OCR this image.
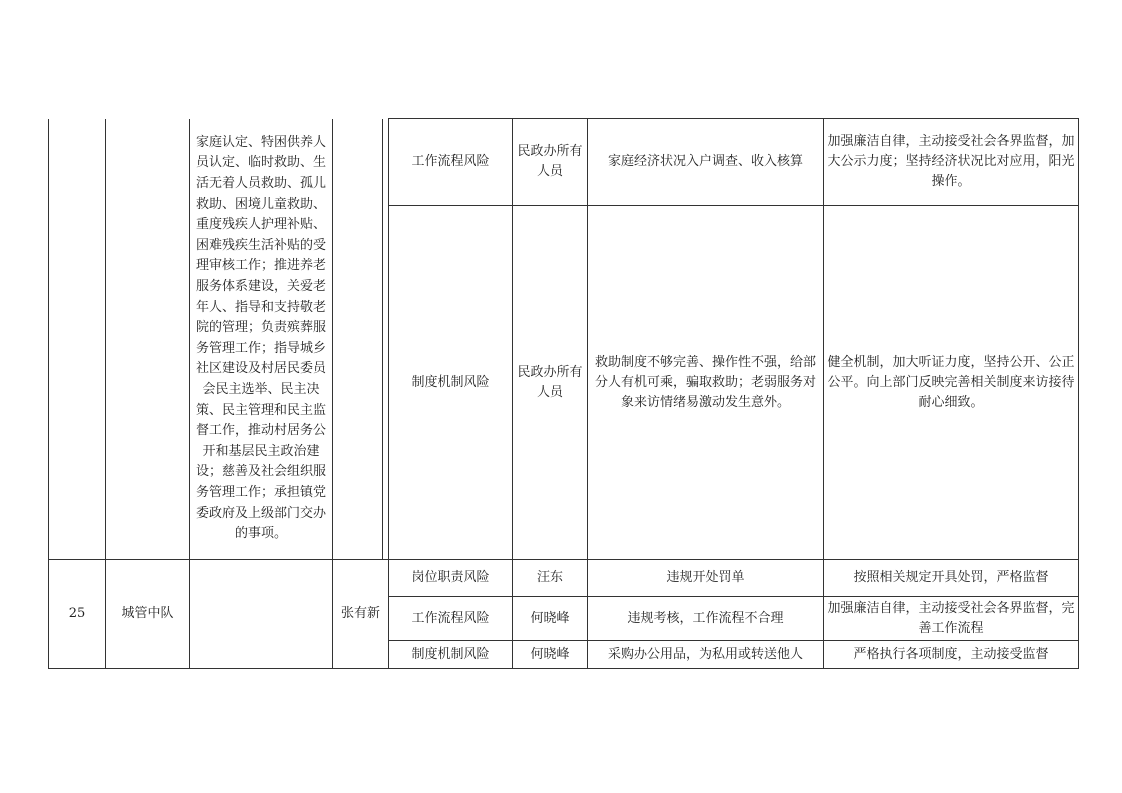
		家庭认定、特困供养人员认定、临时救助、生活无着人员救助、孤儿救助、困境儿童救助、重度残疾人护理补贴、困难残疾生活补贴的受理审核工作；推进养老服务体系建设，关爱老年人、指导和支持敬老院的管理；负责殡葬服务管理工作；指导城乡社区建设及村居民委员会民主选举、民主决策、民主管理和民主监督工作，推动村居务公开和基层民主政治建设；慈善及社会组织服务管理工作；承担镇党委政府及上级部门交办的事项。			工作流程风险	民政办所有人员	家庭经济状况入户调查、收入核算	加强廉洁自律，主动接受社会各界监督，加大公示力度；坚持经济状况比对应用，阳光操作。
					制度机制风险	民政办所有人员	救助制度不够完善、操作性不强，给部分人有机可乘，骗取救助；老弱服务对象来访情绪易激动发生意外。	健全机制，加大听证力度，坚持公开、公正公平。向上部门反映完善相关制度来访接待耐心细致。
25	城管中队		张有新		岗位职责风险	汪东	违规开处罚单	按照相关规定开具处罚，严格监督
					工作流程风险	何晓峰	违规考核，工作流程不合理	加强廉洁自律，主动接受社会各界监督，完善工作流程
					制度机制风险	何晓峰	采购办公用品，为私用或转送他人	严格执行各项制度，主动接受监督
